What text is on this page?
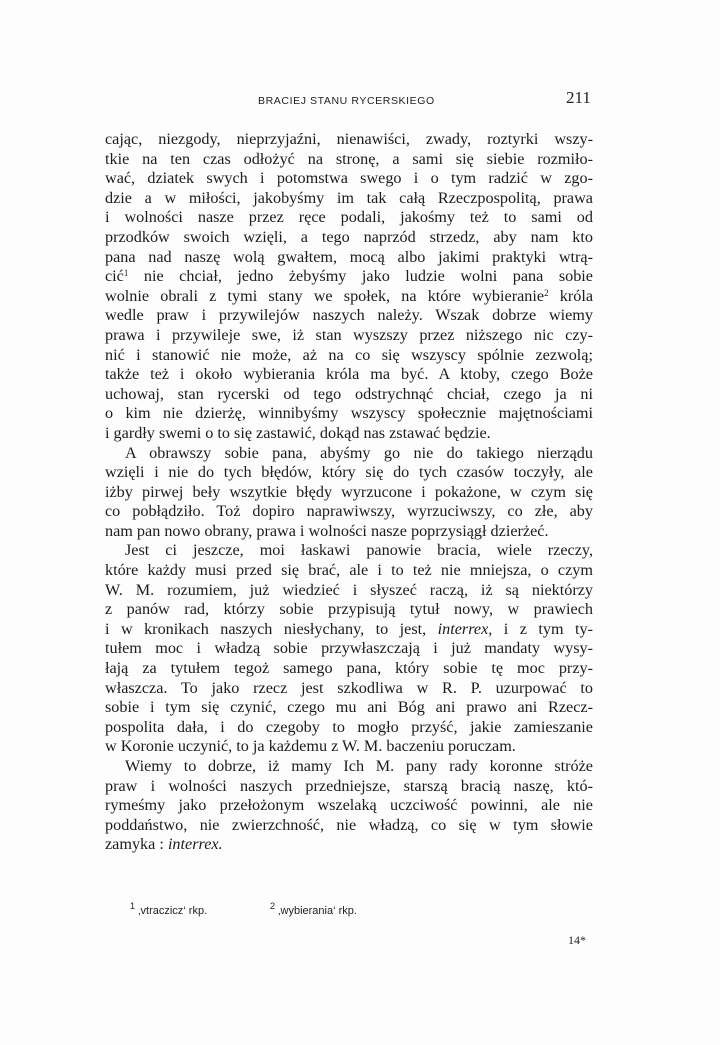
BRACIEJ STANU RYCERSKIEGO	211
cając, niezgody, nieprzyjaźni, nienawiści, zwady, roztyrki wszy-
tkie na ten czas odłożyć na stronę, a sami się siebie rozmiło-
wać, dziatek swych i potomstwa swego i o tym radzić w zgo-
dzie a w miłości, jakobyśmy im tak całą Rzeczpospolitą, prawa
i wolności nasze przez ręce podali, jakośmy też to sami od
przodków swoich wzięli, a tego naprzód strzedz, aby nam kto
pana nad naszę wolą gwałtem, mocą albo jakimi praktyki wtrą-
cić$^1$ nie chciał, jedno żebyśmy jako ludzie wolni pana sobie
wolnie obrali z tymi stany we społek, na które wybieranie$^2$ króla
wedle praw i przywilejów naszych należy. Wszak dobrze wiemy
prawa i przywileje swe, iż stan wyszszy przez niższego nic czy-
nić i stanowić nie może, aż na co się wszyscy spólnie zezwolą;
także też i około wybierania króla ma być. A ktoby, czego Boże
uchowaj, stan rycerski od tego odstrychnąć chciał, czego ja ni
o kim nie dzierżę, winnibyśmy wszyscy społecznie majętnościami
i gardły swemi o to się zastawić, dokąd nas zstawać będzie.
A obrawszy sobie pana, abyśmy go nie do takiego nierządu
wzięli i nie do tych błędów, który się do tych czasów toczyły, ale
iżby pirwej beły wszytkie błędy wyrzucone i pokażone, w czym się
co pobłądziło. Toż dopiro naprawiwszy, wyrzuciwszy, co złe, aby
nam pan nowo obrany, prawa i wolności nasze poprzysiągł dzierżeć.
Jest ci jeszcze, moi łaskawi panowie bracia, wiele rzeczy,
które każdy musi przed się brać, ale i to też nie mniejsza, o czym
W. M. rozumiem, już wiedzieć i słyszeć raczą, iż są niektórzy
z panów rad, którzy sobie przypisują tytuł nowy, w prawiech
i w kronikach naszych niesłychany, to jest, interrex, i z tym ty-
tułem moc i władzą sobie przywłaszczają i już mandaty wysy-
łają za tytułem tegoż samego pana, który sobie tę moc przy-
właszcza. To jako rzecz jest szkodliwa w R. P. uzurpować to
sobie i tym się czynić, czego mu ani Bóg ani prawo ani Rzecz-
pospolita dała, i do czegoby to mogło przyść, jakie zamieszanie
w Koronie uczynić, to ja każdemu z W. M. baczeniu poruczam.
Wiemy to dobrze, iż mamy Ich M. pany rady koronne stróże
praw i wolności naszych przedniejsze, starszą bracią naszę, któ-
rymeśmy jako przełożonym wszelaką uczciwość powinni, ale nie
poddaństwo, nie zwierzchność, nie władzą, co się w tym słowie
zamyka : interrex.
$^1$ ‚vtraczicz‘ rkp.	$^2$ ‚wybierania‘ rkp.
14*
